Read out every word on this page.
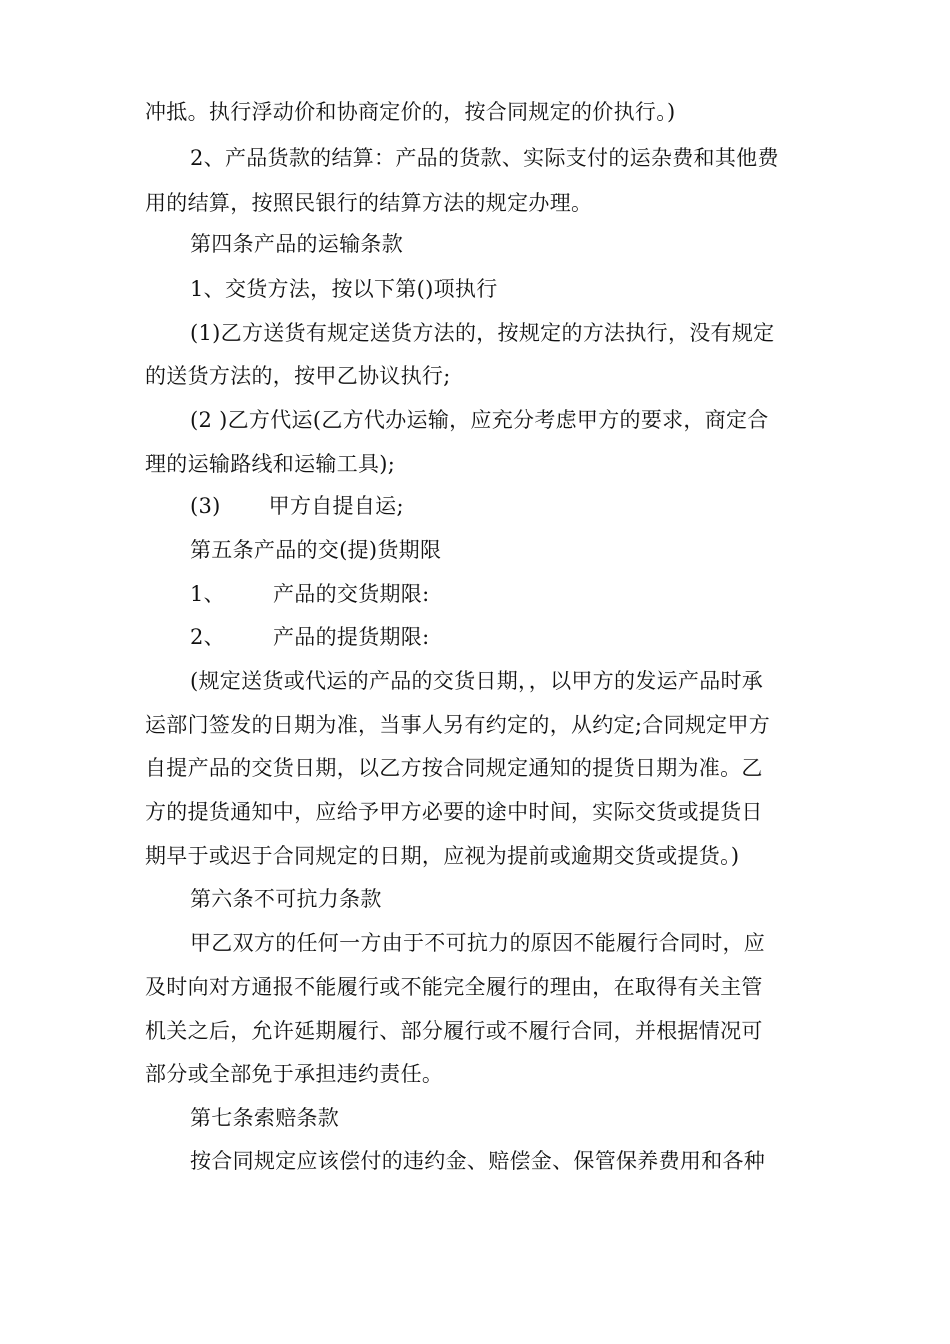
冲抵。执行浮动价和协商定价的，按合同规定的价执行。)
2、产品货款的结算：产品的货款、实际支付的运杂费和其他费
用的结算，按照民银行的结算方法的规定办理。
第四条产品的运输条款
1、交货方法，按以下第()项执行
(1)乙方送货有规定送货方法的，按规定的方法执行，没有规定
的送货方法的，按甲乙协议执行;
(2 )乙方代运(乙方代办运输，应充分考虑甲方的要求，商定合
理的运输路线和运输工具);
(3) 甲方自提自运;
第五条产品的交(提)货期限
1、 产品的交货期限:
2、 产品的提货期限:
(规定送货或代运的产品的交货日期，，以甲方的发运产品时承
运部门签发的日期为准，当事人另有约定的，从约定;合同规定甲方
自提产品的交货日期，以乙方按合同规定通知的提货日期为准。乙
方的提货通知中，应给予甲方必要的途中时间，实际交货或提货日
期早于或迟于合同规定的日期，应视为提前或逾期交货或提货。)
第六条不可抗力条款
甲乙双方的任何一方由于不可抗力的原因不能履行合同时，应
及时向对方通报不能履行或不能完全履行的理由，在取得有关主管
机关之后，允许延期履行、部分履行或不履行合同，并根据情况可
部分或全部免于承担违约责任。
第七条索赔条款
按合同规定应该偿付的违约金、赔偿金、保管保养费用和各种
